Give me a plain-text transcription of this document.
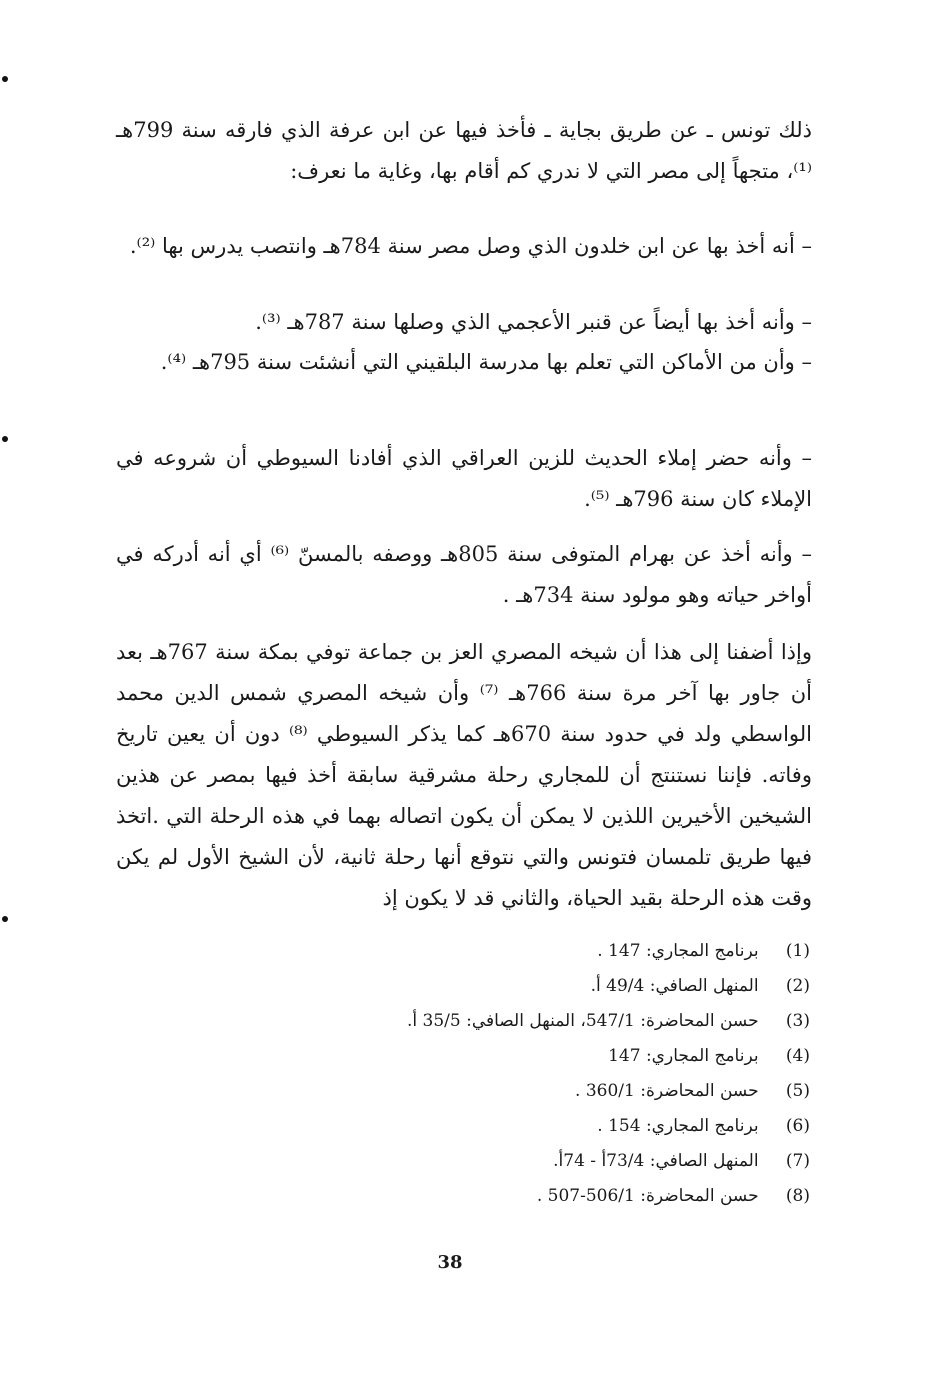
ذلك تونس ـ عن طريق بجاية ـ فأخذ فيها عن ابن عرفة الذي فارقه سنة 799هـ ⁽¹⁾، متجهاً إلى مصر التي لا ندري كم أقام بها، وغاية ما نعرف:
– أنه أخذ بها عن ابن خلدون الذي وصل مصر سنة 784هـ وانتصب يدرس بها ⁽²⁾.
– وأنه أخذ بها أيضاً عن قنبر الأعجمي الذي وصلها سنة 787هـ ⁽³⁾.
– وأن من الأماكن التي تعلم بها مدرسة البلقيني التي أنشئت سنة 795هـ ⁽⁴⁾.
– وأنه حضر إملاء الحديث للزين العراقي الذي أفادنا السيوطي أن شروعه في الإملاء كان سنة 796هـ ⁽⁵⁾.
– وأنه أخذ عن بهرام المتوفى سنة 805هـ ووصفه بالمسنّ ⁽⁶⁾ أي أنه أدركه في أواخر حياته وهو مولود سنة 734هـ .
وإذا أضفنا إلى هذا أن شيخه المصري العز بن جماعة توفي بمكة سنة 767هـ بعد أن جاور بها آخر مرة سنة 766هـ ⁽⁷⁾ وأن شيخه المصري شمس الدين محمد الواسطي ولد في حدود سنة 670هـ كما يذكر السيوطي ⁽⁸⁾ دون أن يعين تاريخ وفاته. فإننا نستنتج أن للمجاري رحلة مشرقية سابقة أخذ فيها بمصر عن هذين الشيخين الأخيرين اللذين لا يمكن أن يكون اتصاله بهما في هذه الرحلة التي .اتخذ فيها طريق تلمسان فتونس والتي نتوقع أنها رحلة ثانية، لأن الشيخ الأول لم يكن وقت هذه الرحلة بقيد الحياة، والثاني قد لا يكون إذ
(1) برنامج المجاري: 147 .
(2) المنهل الصافي: 49/4 أ.
(3) حسن المحاضرة: 547/1، المنهل الصافي: 35/5 أ.
(4) برنامج المجاري: 147
(5) حسن المحاضرة: 360/1 .
(6) برنامج المجاري: 154 .
(7) المنهل الصافي: 73/4أ - 74أ.
(8) حسن المحاضرة: 506/1-507 .
38
